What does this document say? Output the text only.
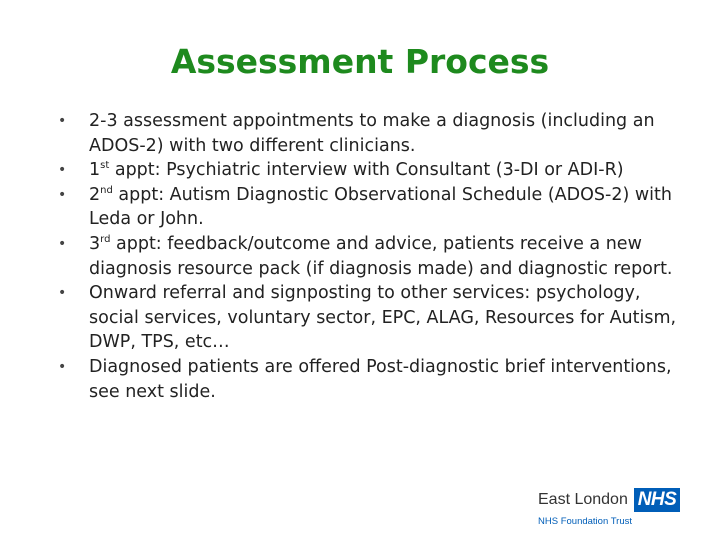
Assessment Process
• 2-3 assessment appointments to make a diagnosis (including an ADOS-2) with two different clinicians.
• 1st appt: Psychiatric interview with Consultant (3-DI or ADI-R)
• 2nd appt: Autism Diagnostic Observational Schedule (ADOS-2) with Leda or John.
• 3rd appt: feedback/outcome and advice, patients receive a new diagnosis resource pack (if diagnosis made) and diagnostic report.
• Onward referral and signposting to other services: psychology, social services, voluntary sector, EPC, ALAG, Resources for Autism, DWP, TPS, etc…
• Diagnosed patients are offered Post-diagnostic brief interventions, see next slide.
East London NHS
NHS Foundation Trust
